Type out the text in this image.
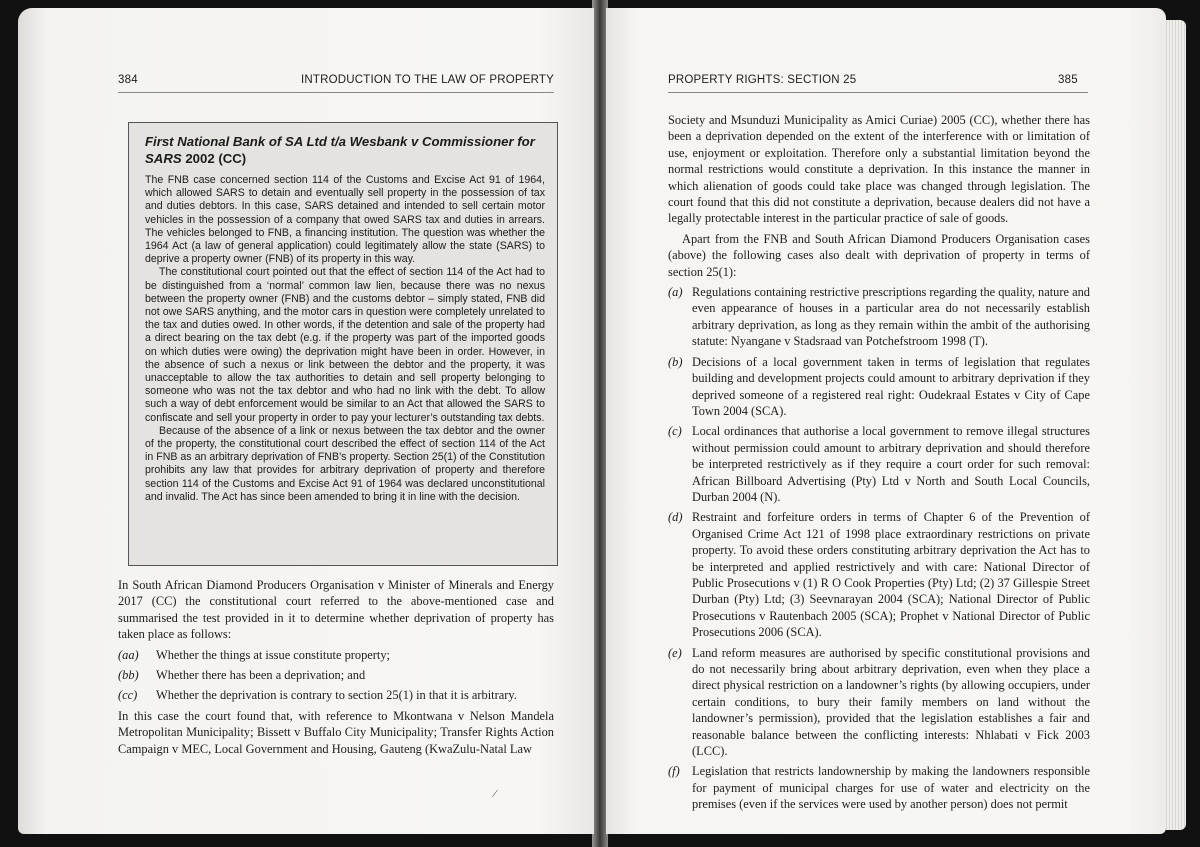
384	INTRODUCTION TO THE LAW OF PROPERTY
First National Bank of SA Ltd t/a Wesbank v Commissioner for SARS 2002 (CC)

The FNB case concerned section 114 of the Customs and Excise Act 91 of 1964, which allowed SARS to detain and eventually sell property in the possession of tax and duties debtors. In this case, SARS detained and intended to sell certain motor vehicles in the possession of a company that owed SARS tax and duties in arrears. The vehicles belonged to FNB, a financing institution. The question was whether the 1964 Act (a law of general application) could legitimately allow the state (SARS) to deprive a property owner (FNB) of its property in this way.

The constitutional court pointed out that the effect of section 114 of the Act had to be distinguished from a ‘normal’ common law lien, because there was no nexus between the property owner (FNB) and the customs debtor – simply stated, FNB did not owe SARS anything, and the motor cars in question were completely unrelated to the tax and duties owed. In other words, if the detention and sale of the property had a direct bearing on the tax debt (e.g. if the property was part of the imported goods on which duties were owing) the deprivation might have been in order. However, in the absence of such a nexus or link between the debtor and the property, it was unacceptable to allow the tax authorities to detain and sell property belonging to someone who was not the tax debtor and who had no link with the debt. To allow such a way of debt enforcement would be similar to an Act that allowed the SARS to confiscate and sell your property in order to pay your lecturer’s outstanding tax debts.

Because of the absence of a link or nexus between the tax debtor and the owner of the property, the constitutional court described the effect of section 114 of the Act in FNB as an arbitrary deprivation of FNB’s property. Section 25(1) of the Constitution prohibits any law that provides for arbitrary deprivation of property and therefore section 114 of the Customs and Excise Act 91 of 1964 was declared unconstitutional and invalid. The Act has since been amended to bring it in line with the decision.

In South African Diamond Producers Organisation v Minister of Minerals and Energy 2017 (CC) the constitutional court referred to the above-mentioned case and summarised the test provided in it to determine whether deprivation of property has taken place as follows:

(aa)	Whether the things at issue constitute property;
(bb)	Whether there has been a deprivation; and
(cc)	Whether the deprivation is contrary to section 25(1) in that it is arbitrary.

In this case the court found that, with reference to Mkontwana v Nelson Mandela Metropolitan Municipality; Bissett v Buffalo City Municipality; Transfer Rights Action Campaign v MEC, Local Government and Housing, Gauteng (KwaZulu-Natal Law

⁄
PROPERTY RIGHTS: SECTION 25	385

Society and Msunduzi Municipality as Amici Curiae) 2005 (CC), whether there has been a deprivation depended on the extent of the interference with or limitation of use, enjoyment or exploitation. Therefore only a substantial limitation beyond the normal restrictions would constitute a deprivation. In this instance the manner in which alienation of goods could take place was changed through legislation. The court found that this did not constitute a deprivation, because dealers did not have a legally protectable interest in the particular practice of sale of goods.

Apart from the FNB and South African Diamond Producers Organisation cases (above) the following cases also dealt with deprivation of property in terms of section 25(1):

(a) Regulations containing restrictive prescriptions regarding the quality, nature and even appearance of houses in a particular area do not necessarily establish arbitrary deprivation, as long as they remain within the ambit of the authorising statute: Nyangane v Stadsraad van Potchefstroom 1998 (T).
(b) Decisions of a local government taken in terms of legislation that regulates building and development projects could amount to arbitrary deprivation if they deprived someone of a registered real right: Oudekraal Estates v City of Cape Town 2004 (SCA).
(c) Local ordinances that authorise a local government to remove illegal structures without permission could amount to arbitrary deprivation and should therefore be interpreted restrictively as if they require a court order for such removal: African Billboard Advertising (Pty) Ltd v North and South Local Councils, Durban 2004 (N).
(d) Restraint and forfeiture orders in terms of Chapter 6 of the Prevention of Organised Crime Act 121 of 1998 place extraordinary restrictions on private property. To avoid these orders constituting arbitrary deprivation the Act has to be interpreted and applied restrictively and with care: National Director of Public Prosecutions v (1) R O Cook Properties (Pty) Ltd; (2) 37 Gillespie Street Durban (Pty) Ltd; (3) Seevnarayan 2004 (SCA); National Director of Public Prosecutions v Rautenbach 2005 (SCA); Prophet v National Director of Public Prosecutions 2006 (SCA).
(e) Land reform measures are authorised by specific constitutional provisions and do not necessarily bring about arbitrary deprivation, even when they place a direct physical restriction on a landowner’s rights (by allowing occupiers, under certain conditions, to bury their family members on land without the landowner’s permission), provided that the legislation establishes a fair and reasonable balance between the conflicting interests: Nhlabati v Fick 2003 (LCC).
(f) Legislation that restricts landownership by making the landowners responsible for payment of municipal charges for use of water and electricity on the premises (even if the services were used by another person) does not permit
